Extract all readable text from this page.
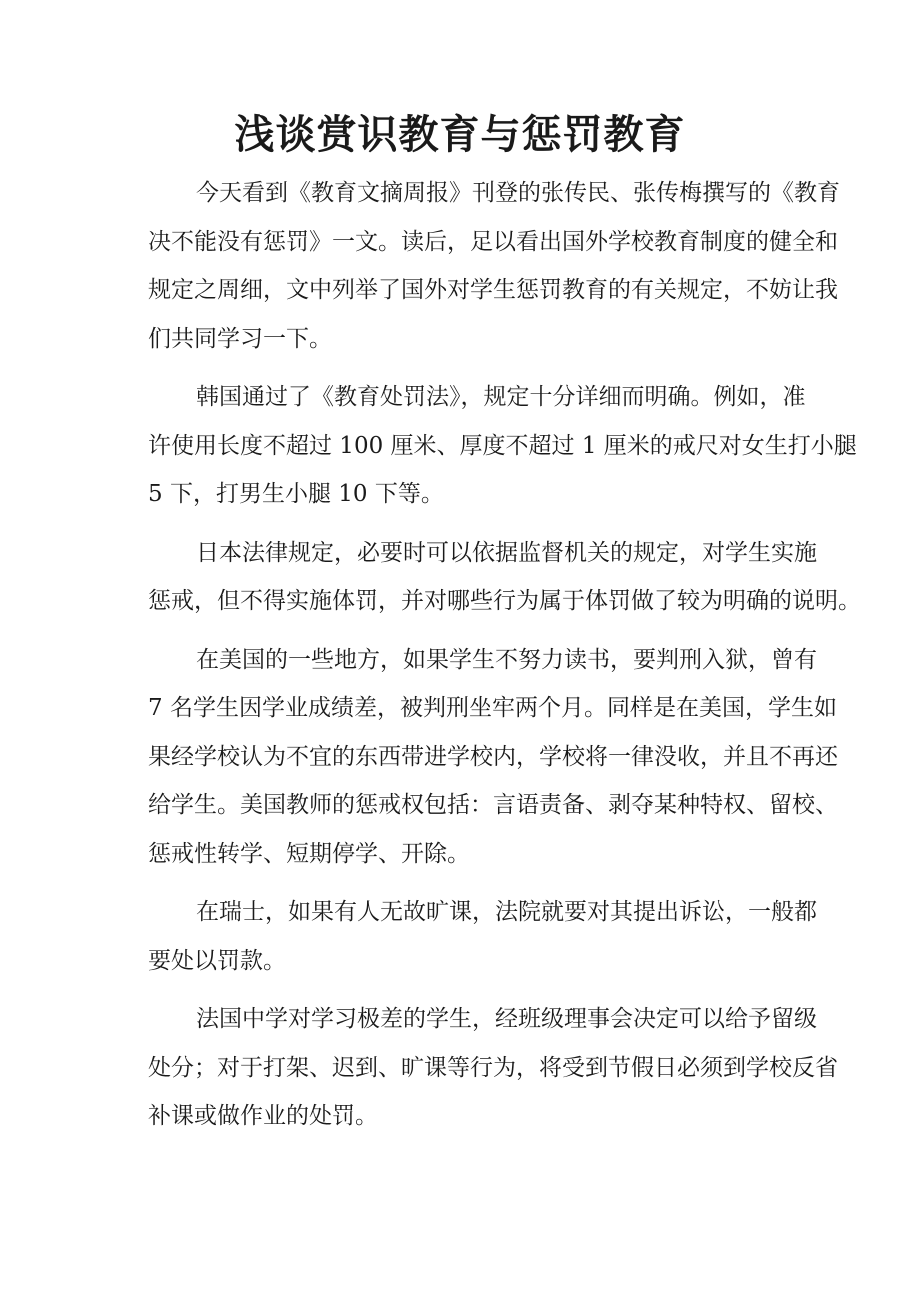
浅谈赏识教育与惩罚教育
今天看到《教育文摘周报》刊登的张传民、张传梅撰写的《教育
决不能没有惩罚》一文。读后，足以看出国外学校教育制度的健全和
规定之周细，文中列举了国外对学生惩罚教育的有关规定，不妨让我
们共同学习一下。
韩国通过了《教育处罚法》，规定十分详细而明确。例如，准
许使用长度不超过 100 厘米、厚度不超过 1 厘米的戒尺对女生打小腿
5 下，打男生小腿 10 下等。
日本法律规定，必要时可以依据监督机关的规定，对学生实施
惩戒，但不得实施体罚，并对哪些行为属于体罚做了较为明确的说明。
在美国的一些地方，如果学生不努力读书，要判刑入狱，曾有
7 名学生因学业成绩差，被判刑坐牢两个月。同样是在美国，学生如
果经学校认为不宜的东西带进学校内，学校将一律没收，并且不再还
给学生。美国教师的惩戒权包括：言语责备、剥夺某种特权、留校、
惩戒性转学、短期停学、开除。
在瑞士，如果有人无故旷课，法院就要对其提出诉讼，一般都
要处以罚款。
法国中学对学习极差的学生，经班级理事会决定可以给予留级
处分；对于打架、迟到、旷课等行为，将受到节假日必须到学校反省
补课或做作业的处罚。
